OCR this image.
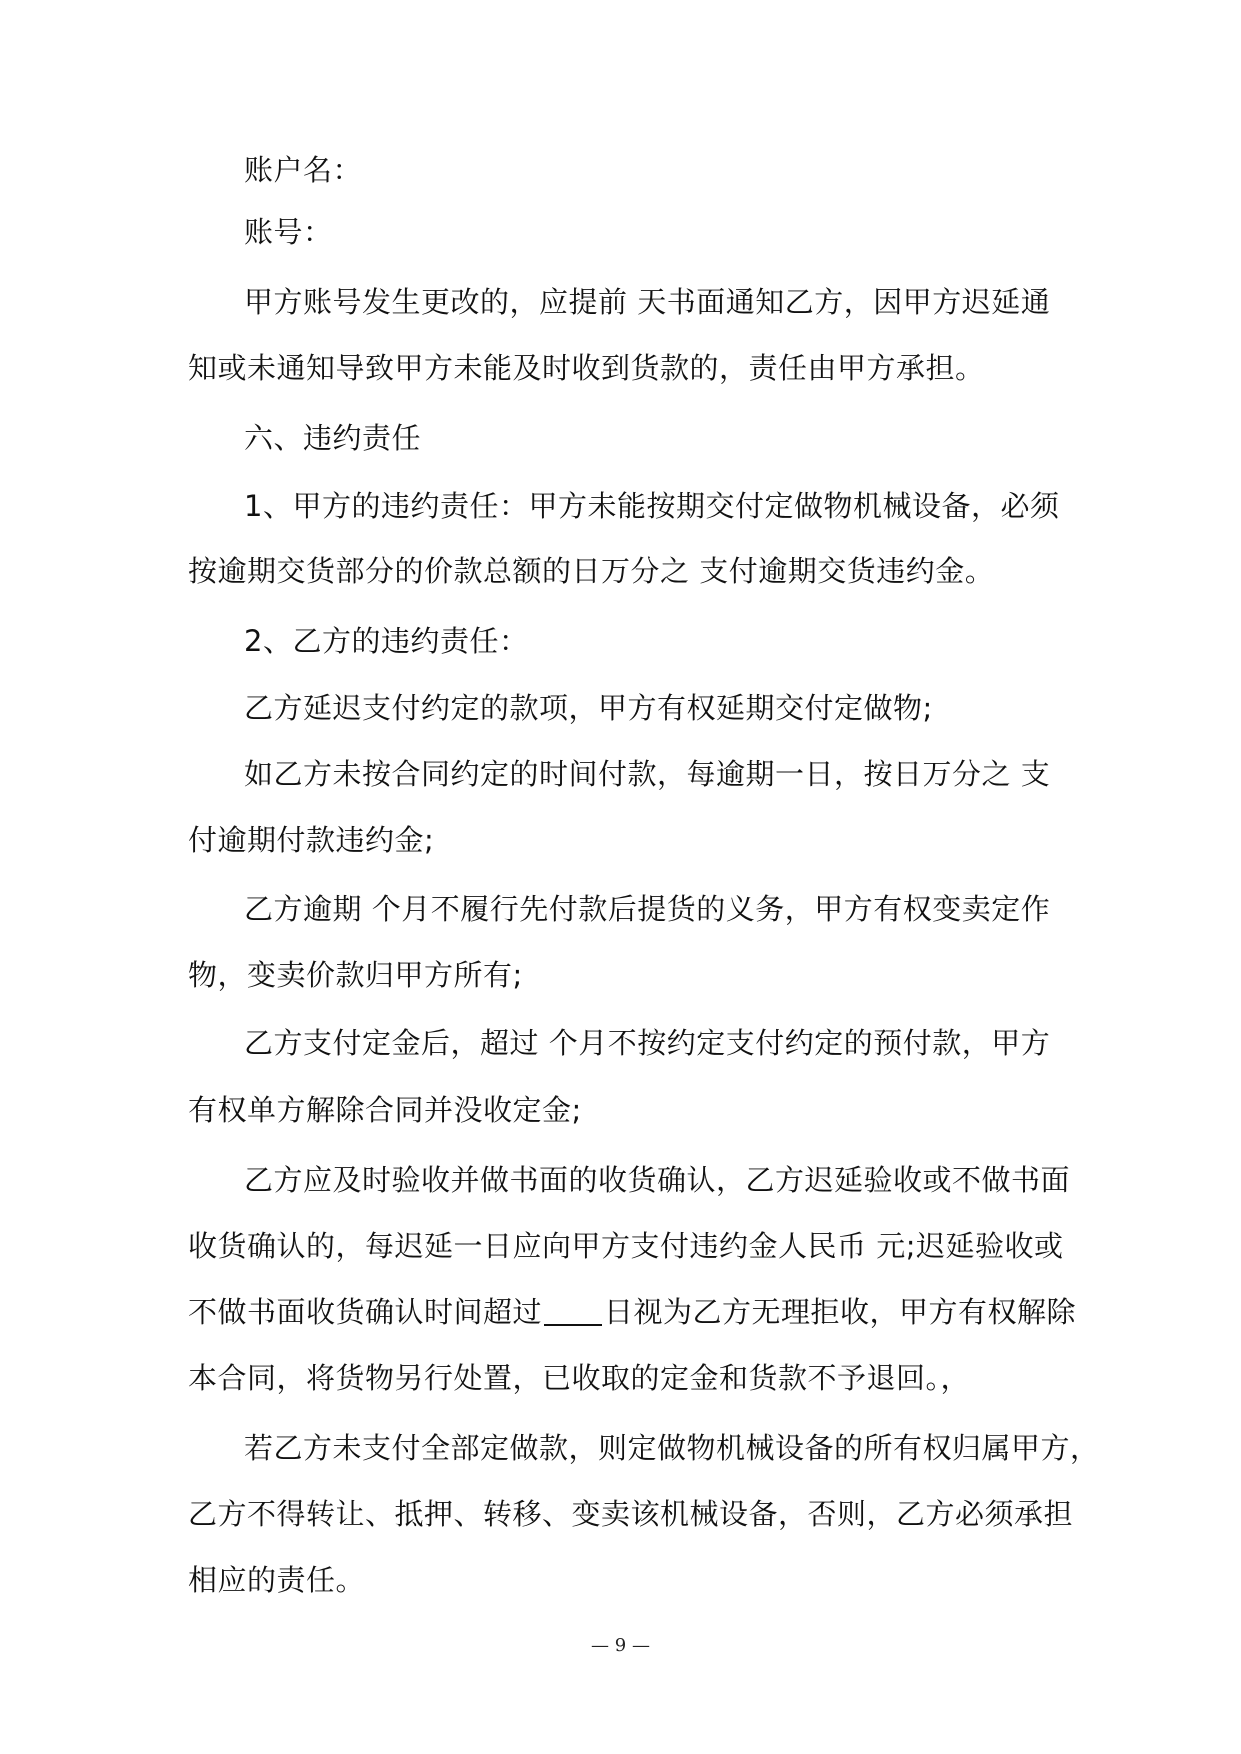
账户名：
账号：
甲方账号发生更改的，应提前 天书面通知乙方，因甲方迟延通
知或未通知导致甲方未能及时收到货款的，责任由甲方承担。
六、违约责任
1、甲方的违约责任：甲方未能按期交付定做物机械设备，必须
按逾期交货部分的价款总额的日万分之 支付逾期交货违约金。
2、乙方的违约责任：
乙方延迟支付约定的款项，甲方有权延期交付定做物;
如乙方未按合同约定的时间付款，每逾期一日，按日万分之 支
付逾期付款违约金;
乙方逾期 个月不履行先付款后提货的义务，甲方有权变卖定作
物，变卖价款归甲方所有;
乙方支付定金后，超过 个月不按约定支付约定的预付款，甲方
有权单方解除合同并没收定金;
乙方应及时验收并做书面的收货确认，乙方迟延验收或不做书面
收货确认的，每迟延一日应向甲方支付违约金人民币 元;迟延验收或
不做书面收货确认时间超过 日视为乙方无理拒收，甲方有权解除
本合同，将货物另行处置，已收取的定金和货款不予退回。，
若乙方未支付全部定做款，则定做物机械设备的所有权归属甲方，
乙方不得转让、抵押、转移、变卖该机械设备，否则，乙方必须承担
相应的责任。
— 9 —
